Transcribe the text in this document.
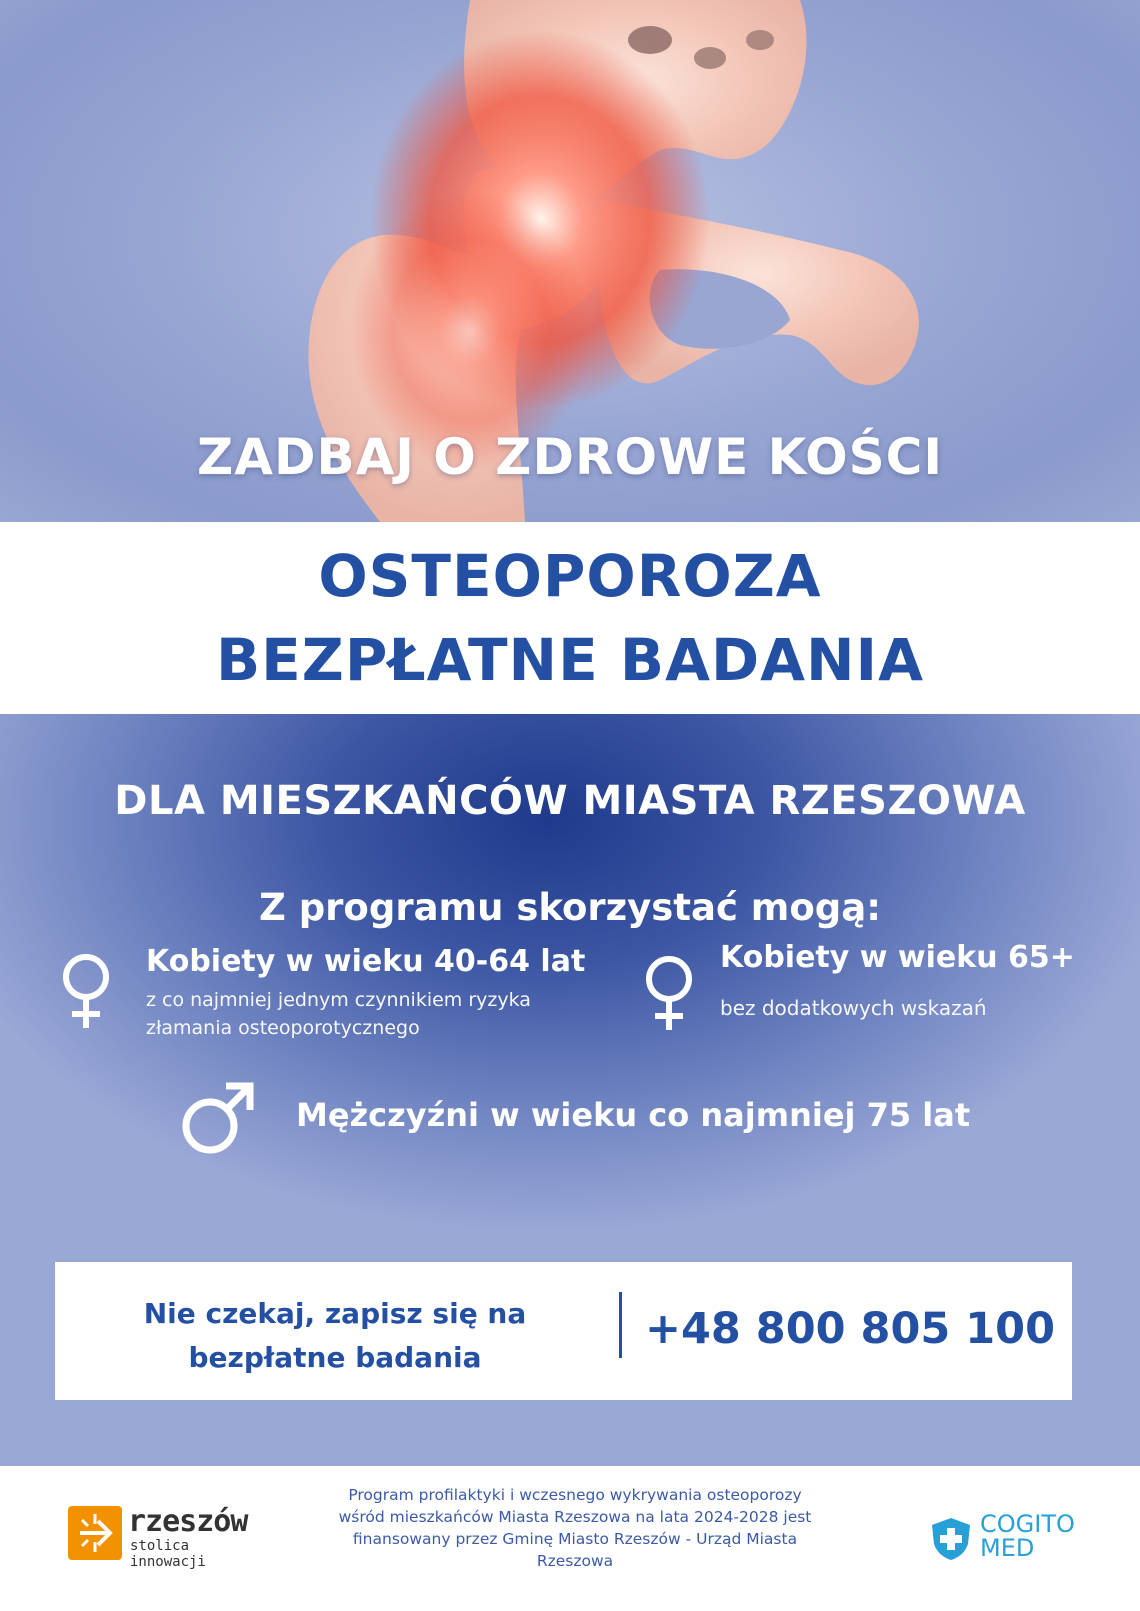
ZADBAJ O ZDROWE KOŚCI
OSTEOPOROZA
BEZPŁATNE BADANIA
DLA MIESZKAŃCÓW MIASTA RZESZOWA
Z programu skorzystać mogą:
Kobiety w wieku 40-64 lat
z co najmniej jednym czynnikiem ryzyka
złamania osteoporotycznego
Kobiety w wieku 65+
bez dodatkowych wskazań
Mężczyźni w wieku co najmniej 75 lat
Nie czekaj, zapisz się na
bezpłatne badania
+48 800 805 100
rzeszów
stolica innowacji
Program profilaktyki i wczesnego wykrywania osteoporozy
wśród mieszkańców Miasta Rzeszowa na lata 2024-2028 jest
finansowany przez Gminę Miasto Rzeszów - Urząd Miasta
Rzeszowa
COGITO
MED
